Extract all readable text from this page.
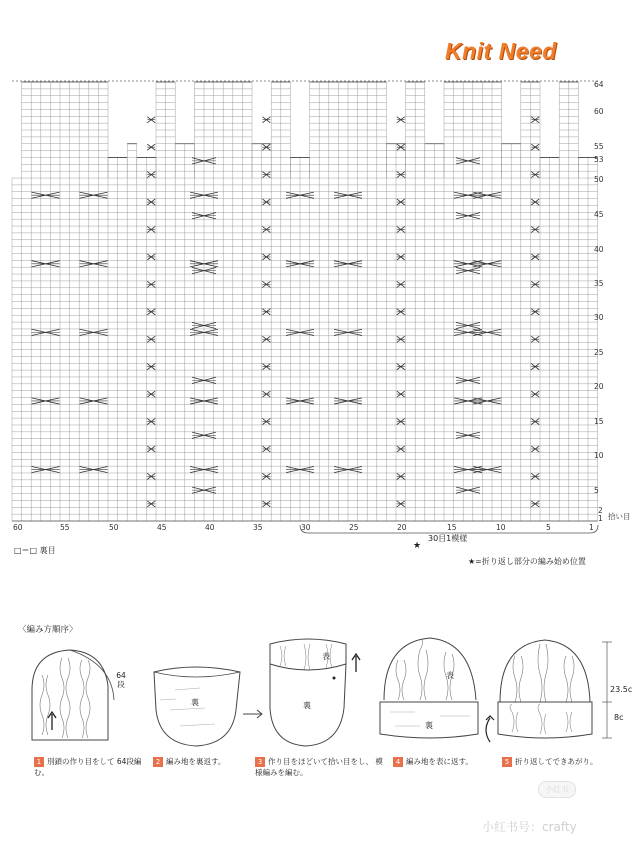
Knit Need
64
60
55
53
50
45
40
35
30
25
20
15
10
5
2
1 拾い目
60	55	50	45	40	35	30	25	20	15	10	5	1
30目1模様
★
□＝□ 裏目
★=折り返し部分の編み始め位置
〈編み方順序〉
64段
裏
表
裏
表
裏
23.5c
8c
1 別鎖の作り目をして 64段編む。
2 編み地を裏返す。	3 作り目をほどいて拾い目をし、 模様編みを編む。
4 編み地を表に返す。	5 折り返してできあがり。
小红书
小红书号：crafty
